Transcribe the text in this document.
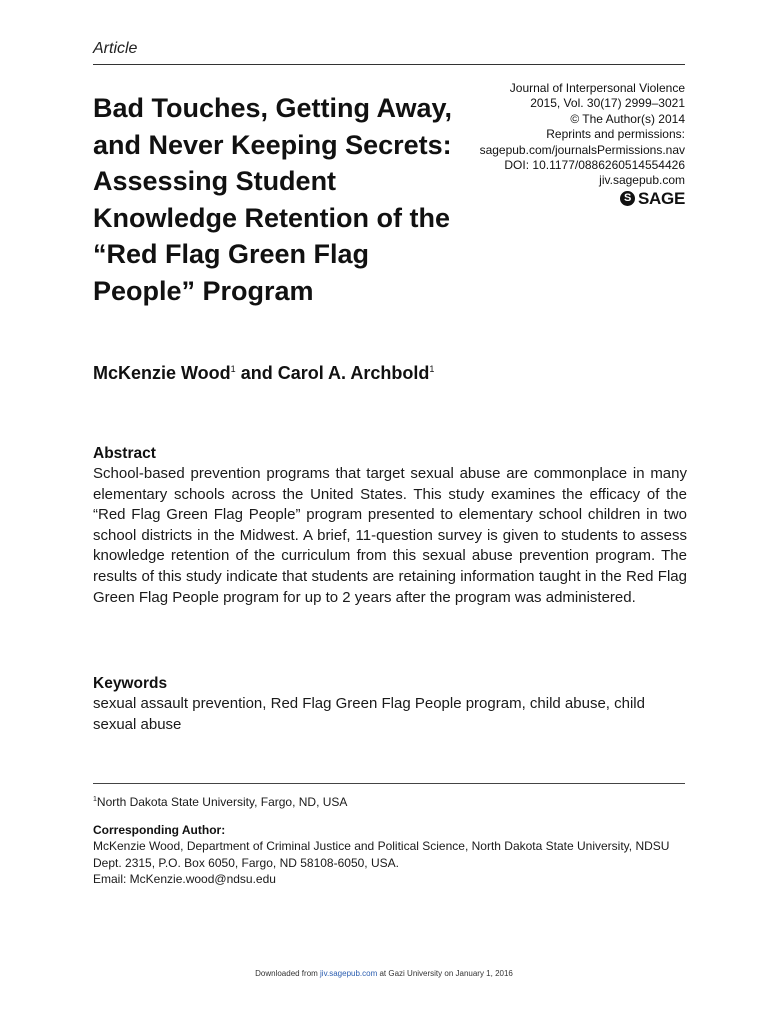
Article
Bad Touches, Getting Away, and Never Keeping Secrets: Assessing Student Knowledge Retention of the “Red Flag Green Flag People” Program
Journal of Interpersonal Violence
2015, Vol. 30(17) 2999–3021
© The Author(s) 2014
Reprints and permissions:
sagepub.com/journalsPermissions.nav
DOI: 10.1177/0886260514554426
jiv.sagepub.com
S SAGE
McKenzie Wood$^1$ and Carol A. Archbold$^1$
Abstract

School-based prevention programs that target sexual abuse are commonplace in many elementary schools across the United States. This study examines the efficacy of the “Red Flag Green Flag People” program presented to elementary school children in two school districts in the Midwest. A brief, 11-question survey is given to students to assess knowledge retention of the curriculum from this sexual abuse prevention program. The results of this study indicate that students are retaining information taught in the Red Flag Green Flag People program for up to 2 years after the program was administered.

Keywords

sexual assault prevention, Red Flag Green Flag People program, child abuse, child sexual abuse

$^1$North Dakota State University, Fargo, ND, USA
Corresponding Author:
McKenzie Wood, Department of Criminal Justice and Political Science, North Dakota State University, NDSU Dept. 2315, P.O. Box 6050, Fargo, ND 58108-6050, USA.
Email: McKenzie.wood@ndsu.edu
Downloaded from jiv.sagepub.com at Gazi University on January 1, 2016
